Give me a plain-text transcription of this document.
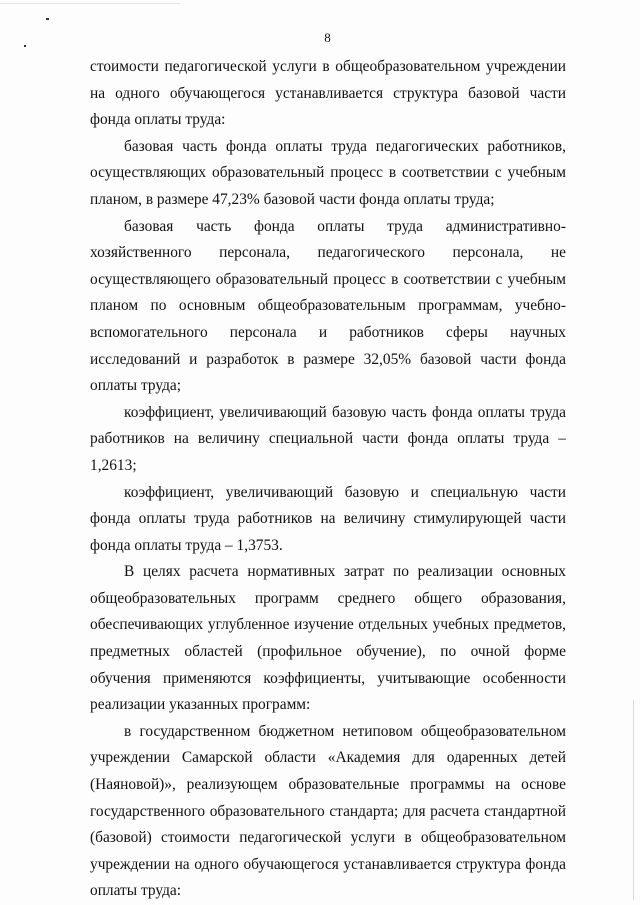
8

стоимости педагогической услуги в общеобразовательном учреждении на одного обучающегося устанавливается структура базовой части фонда оплаты труда:

базовая часть фонда оплаты труда педагогических работников, осуществляющих образовательный процесс в соответствии с учебным планом, в размере 47,23% базовой части фонда оплаты труда;

базовая часть фонда оплаты труда административно-хозяйственного персонала, педагогического персонала, не осуществляющего образовательный процесс в соответствии с учебным планом по основным общеобразовательным программам, учебно-вспомогательного персонала и работников сферы научных исследований и разработок в размере 32,05% базовой части фонда оплаты труда;

коэффициент, увеличивающий базовую часть фонда оплаты труда работников на величину специальной части фонда оплаты труда – 1,2613;

коэффициент, увеличивающий базовую и специальную части фонда оплаты труда работников на величину стимулирующей части фонда оплаты труда – 1,3753.

В целях расчета нормативных затрат по реализации основных общеобразовательных программ среднего общего образования, обеспечивающих углубленное изучение отдельных учебных предметов, предметных областей (профильное обучение), по очной форме обучения применяются коэффициенты, учитывающие особенности реализации указанных программ:

в государственном бюджетном нетиповом общеобразовательном учреждении Самарской области «Академия для одаренных детей (Наяновой)», реализующем образовательные программы на основе государственного образовательного стандарта; для расчета стандартной (базовой) стоимости педагогической услуги в общеобразовательном учреждении на одного обучающегося устанавливается структура фонда оплаты труда:
